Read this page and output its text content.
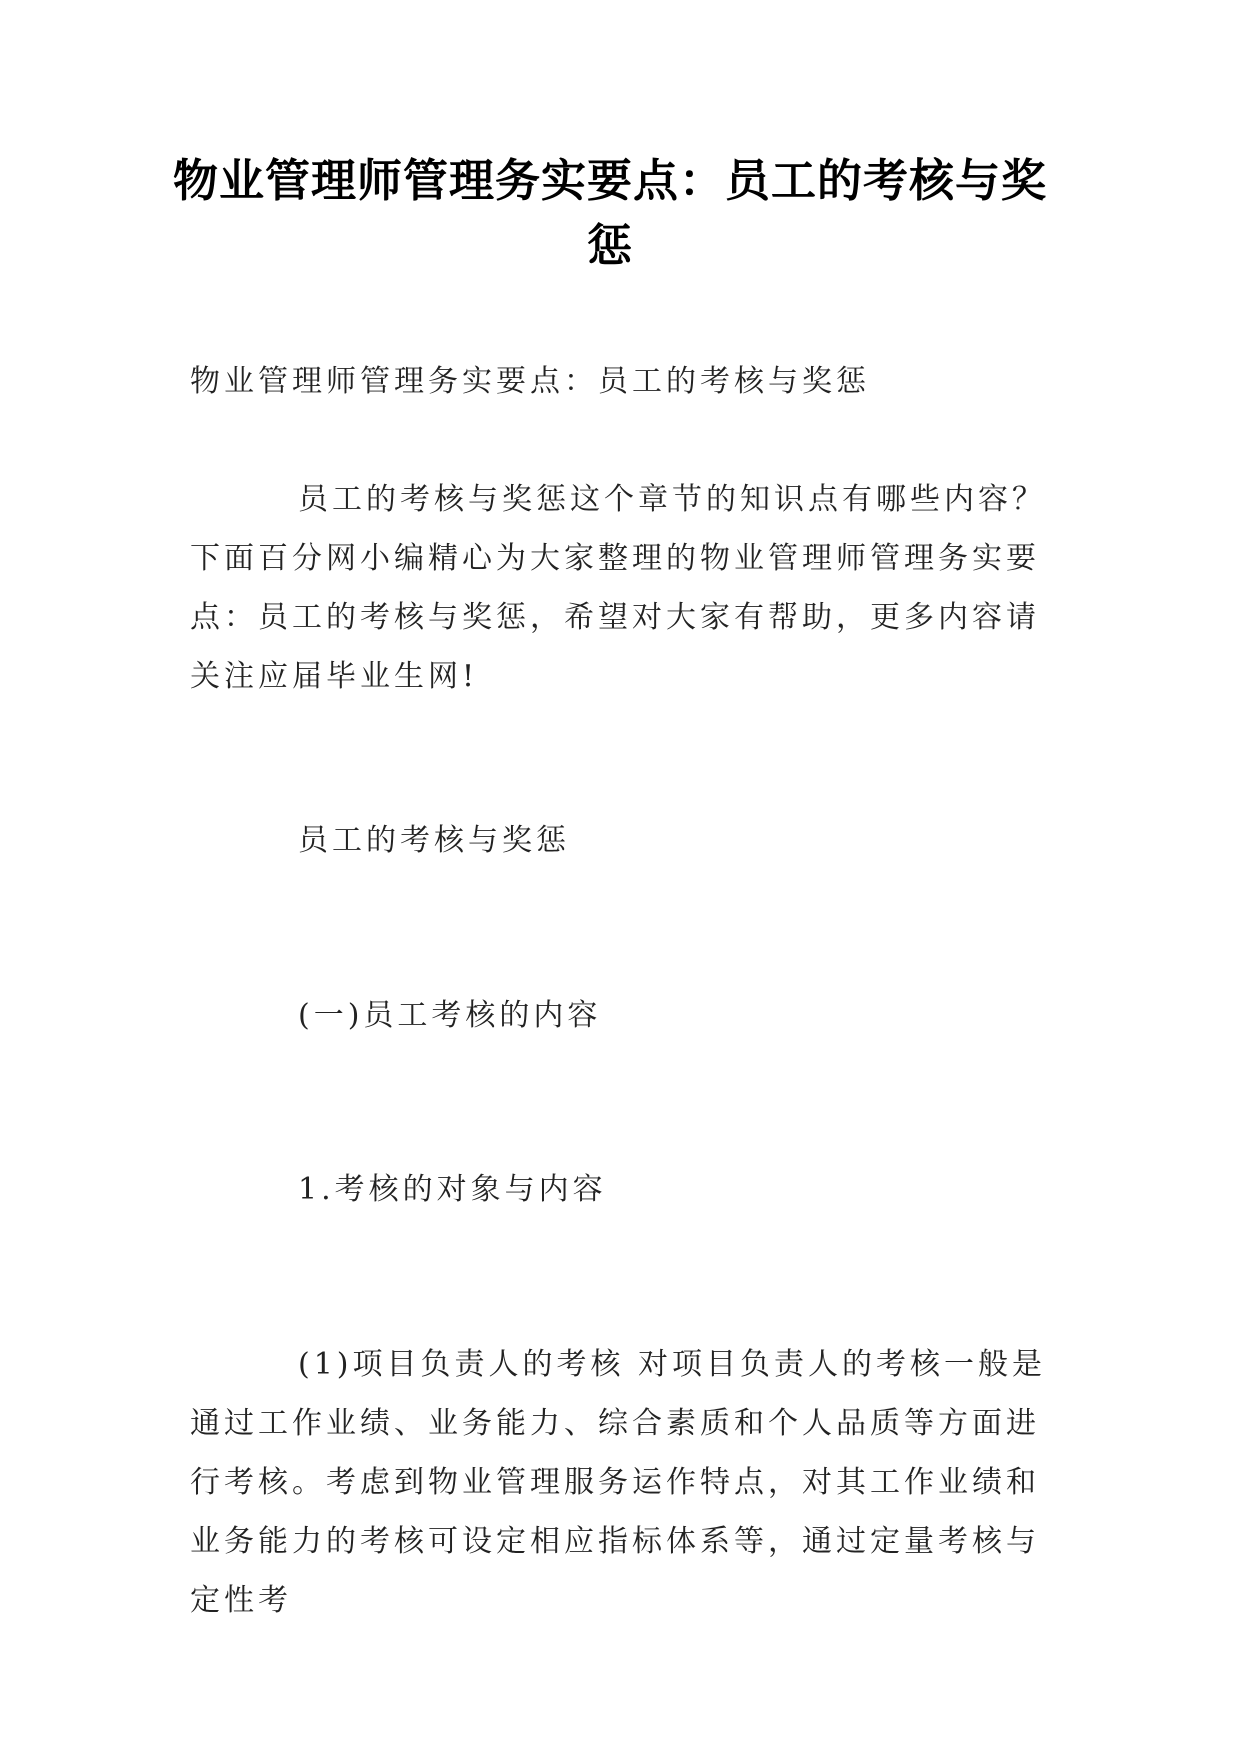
物业管理师管理务实要点：员工的考核与奖惩

物业管理师管理务实要点：员工的考核与奖惩

员工的考核与奖惩这个章节的知识点有哪些内容？下面百分网小编精心为大家整理的物业管理师管理务实要点：员工的考核与奖惩，希望对大家有帮助，更多内容请关注应届毕业生网!

员工的考核与奖惩

(一)员工考核的内容

1.考核的对象与内容

(1)项目负责人的考核 对项目负责人的考核一般是通过工作业绩、业务能力、综合素质和个人品质等方面进行考核。考虑到物业管理服务运作特点，对其工作业绩和业务能力的考核可设定相应指标体系等，通过定量考核与定性考
